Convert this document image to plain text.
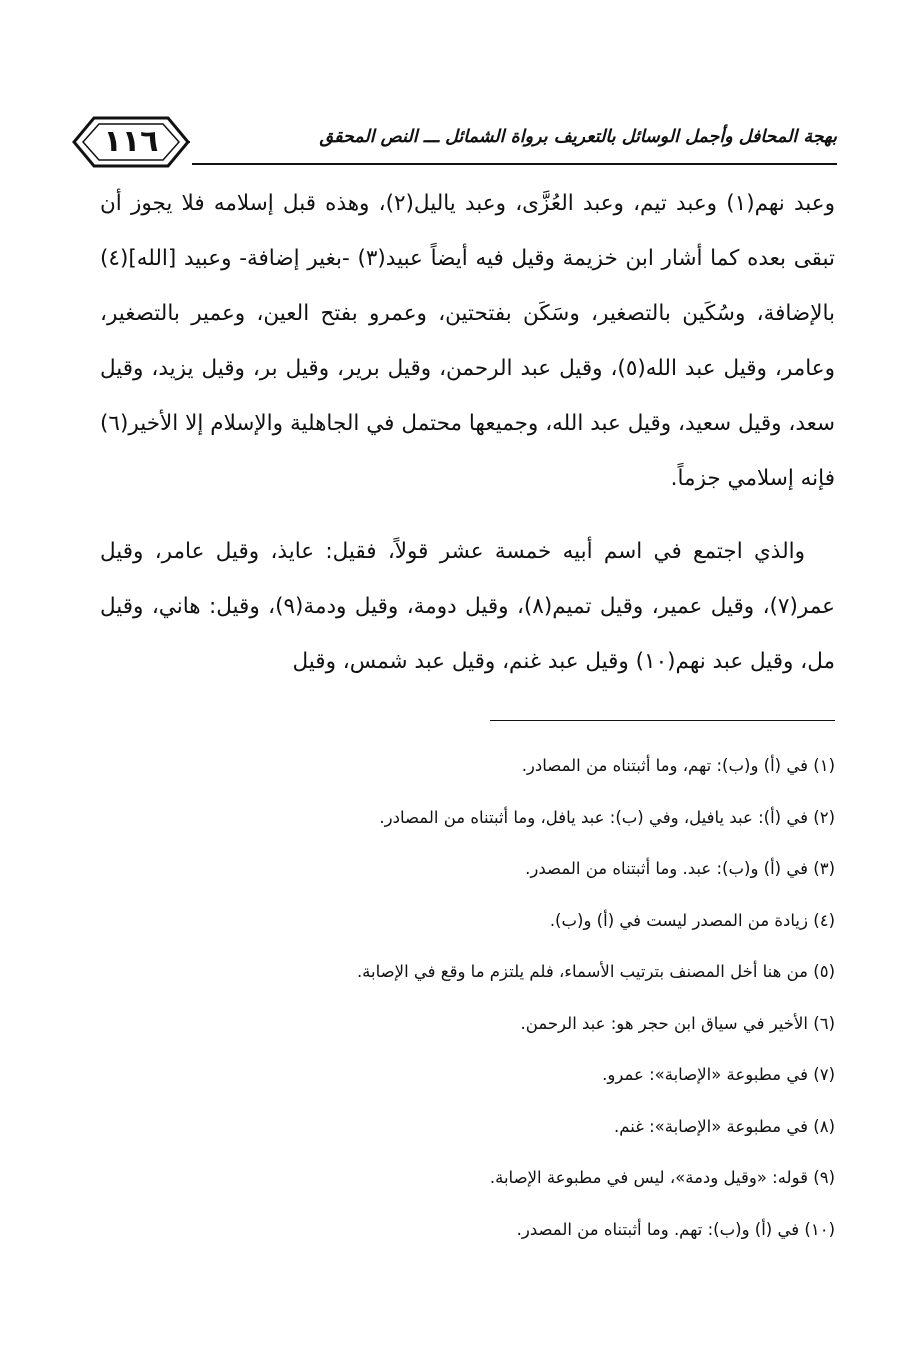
١١٦	بهجة المحافل وأجمل الوسائل بالتعريف برواة الشمائل ـــ النص المحقق

وعبد نهم(١) وعبد تيم، وعبد العُزَّى، وعبد ياليل(٢)، وهذه قبل إسلامه فلا يجوز أن تبقى بعده كما أشار ابن خزيمة وقيل فيه أيضاً عبيد(٣) -بغير إضافة- وعبيد [الله](٤) بالإضافة، وسُكَين بالتصغير، وسَكَن بفتحتين، وعمرو بفتح العين، وعمير بالتصغير، وعامر، وقيل عبد الله(٥)، وقيل عبد الرحمن، وقيل برير، وقيل بر، وقيل يزيد، وقيل سعد، وقيل سعيد، وقيل عبد الله، وجميعها محتمل في الجاهلية والإسلام إلا الأخير(٦) فإنه إسلامي جزماً.

والذي اجتمع في اسم أبيه خمسة عشر قولاً، فقيل: عايذ، وقيل عامر، وقيل عمر(٧)، وقيل عمير، وقيل تميم(٨)، وقيل دومة، وقيل ودمة(٩)، وقيل: هاني، وقيل مل، وقيل عبد نهم(١٠) وقيل عبد غنم، وقيل عبد شمس، وقيل

(١) في (أ) و(ب): تهم، وما أثبتناه من المصادر.
(٢) في (أ): عبد يافيل، وفي (ب): عبد يافل، وما أثبتناه من المصادر.
(٣) في (أ) و(ب): عبد. وما أثبتناه من المصدر.
(٤) زيادة من المصدر ليست في (أ) و(ب).
(٥) من هنا أخل المصنف بترتيب الأسماء، فلم يلتزم ما وقع في الإصابة.
(٦) الأخير في سياق ابن حجر هو: عبد الرحمن.
(٧) في مطبوعة «الإصابة»: عمرو.
(٨) في مطبوعة «الإصابة»: غنم.
(٩) قوله: «وقيل ودمة»، ليس في مطبوعة الإصابة.
(١٠) في (أ) و(ب): تهم. وما أثبتناه من المصدر.
